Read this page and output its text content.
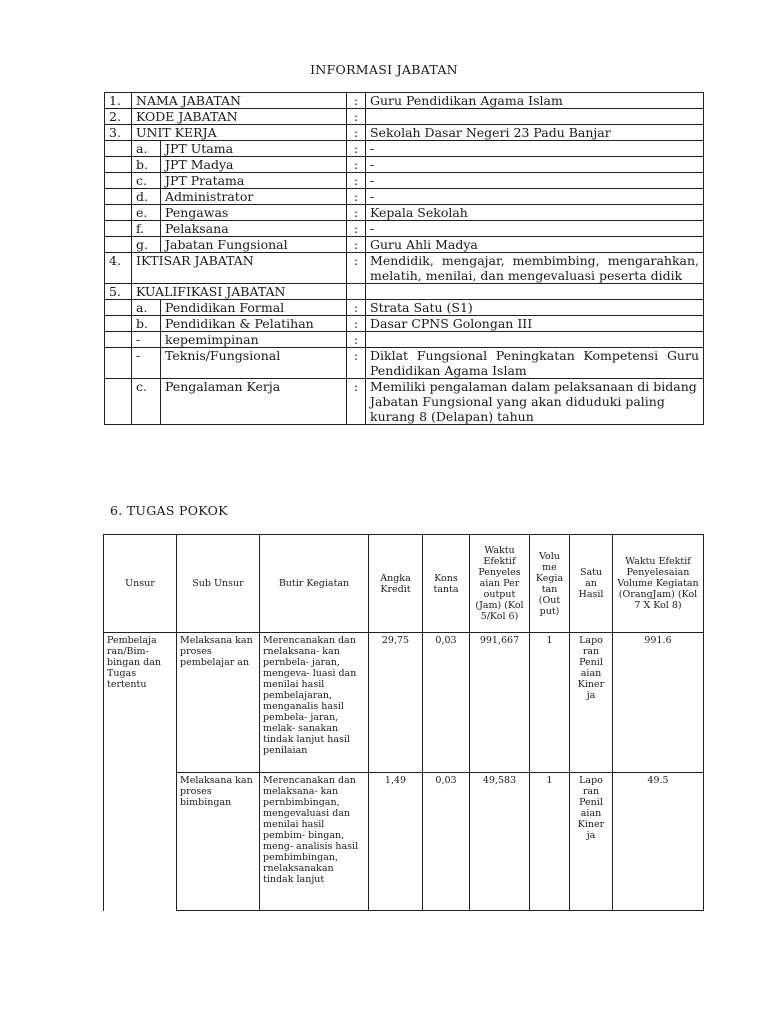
INFORMASI JABATAN
1.	NAMA JABATAN		:	Guru Pendidikan Agama Islam
2.	KODE JABATAN		:	
3.	UNIT KERJA		:	Sekolah Dasar Negeri 23 Padu Banjar
	a.	JPT Utama	:	-
	b.	JPT Madya	:	-
	c.	JPT Pratama	:	-
	d.	Administrator	:	-
	e.	Pengawas	:	Kepala Sekolah
	f.	Pelaksana	:	-
	g.	Jabatan Fungsional	:	Guru Ahli Madya
4.	IKTISAR JABATAN		:	Mendidik, mengajar, membimbing, mengarahkan, melatih, menilai, dan mengevaluasi peserta didik
5.	KUALIFIKASI JABATAN			
	a.	Pendidikan Formal	:	Strata Satu (S1)
	b.	Pendidikan & Pelatihan	:	Dasar CPNS Golongan III
	-	kepemimpinan	:	
	-	Teknis/Fungsional	:	Diklat Fungsional Peningkatan Kompetensi Guru Pendidikan Agama Islam
	c.	Pengalaman Kerja	:	Memiliki pengalaman dalam pelaksanaan di bidang Jabatan Fungsional yang akan diduduki paling kurang 8 (Delapan) tahun
6. TUGAS POKOK
Unsur	Sub Unsur	Butir Kegiatan	Angka Kredit	Kons tanta	Waktu Efektif Penyeles aian Per output (Jam) (Kol 5/Kol 6)	Volu me Kegia tan (Out put)	Satu an Hasil	Waktu Efektif Penyelesaian Volume Kegiatan (OrangJam) (Kol 7 X Kol 8)
Pembelaja ran/Bim- bingan dan Tugas tertentu	Melaksana kan proses pembelajar an	Merencanakan dan rnelaksana- kan pernbela- jaran, mengeva- luasi dan menilai hasil pembelajaran, menganalis hasil pembela- jaran, melak- sanakan tindak lanjut hasil penilaian	29,75	0,03	991,667	1	Lapo ran Penil aian Kiner ja	991.6
	Melaksana kan proses bimbingan	Merencanakan dan melaksana- kan pernbimbingan, mengevaluasi dan menilai hasil pembim- bingan, meng- analisis hasil pembimbingan, rnelaksanakan tindak lanjut	1,49	0,03	49,583	1	Lapo ran Penil aian Kiner ja	49.5
